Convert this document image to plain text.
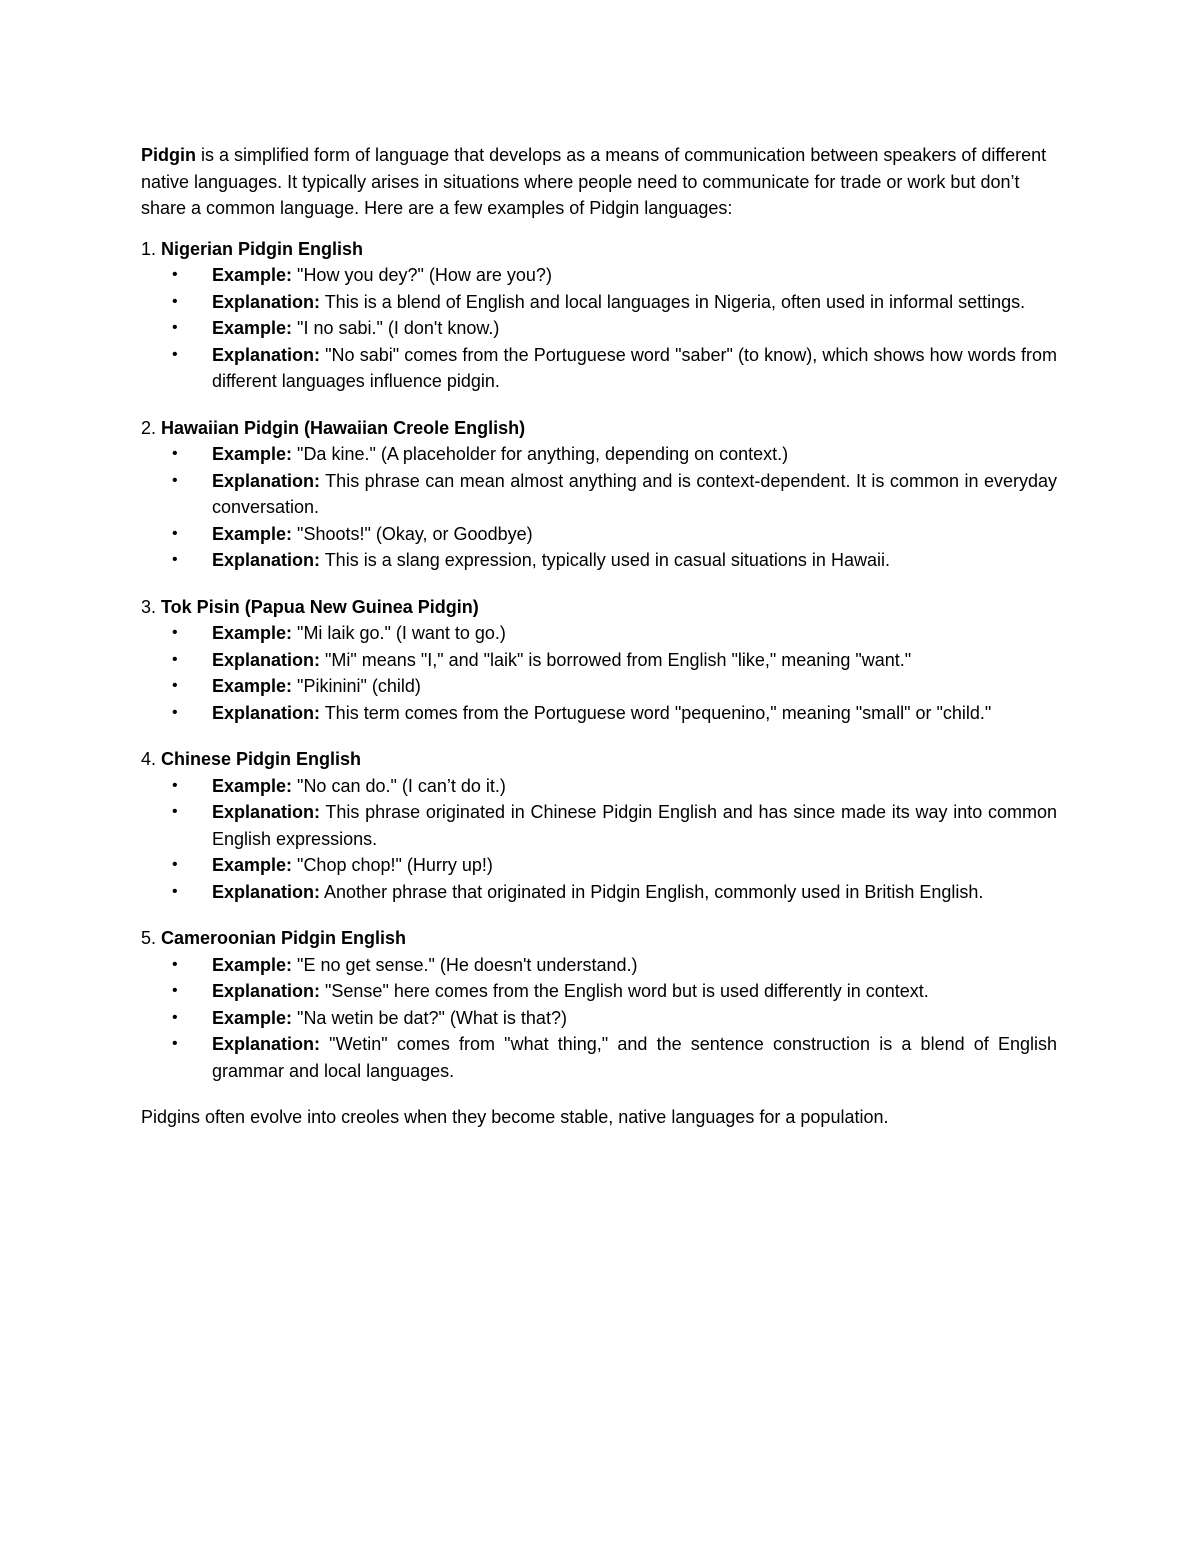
Pidgin is a simplified form of language that develops as a means of communication between speakers of different native languages. It typically arises in situations where people need to communicate for trade or work but don’t share a common language. Here are a few examples of Pidgin languages:

1. Nigerian Pidgin English

• Example: "How you dey?" (How are you?)
• Explanation: This is a blend of English and local languages in Nigeria, often used in informal settings.
• Example: "I no sabi." (I don't know.)
• Explanation: "No sabi" comes from the Portuguese word "saber" (to know), which shows how words from different languages influence pidgin.

2. Hawaiian Pidgin (Hawaiian Creole English)

• Example: "Da kine." (A placeholder for anything, depending on context.)
• Explanation: This phrase can mean almost anything and is context-dependent. It is common in everyday conversation.
• Example: "Shoots!" (Okay, or Goodbye)
• Explanation: This is a slang expression, typically used in casual situations in Hawaii.

3. Tok Pisin (Papua New Guinea Pidgin)

• Example: "Mi laik go." (I want to go.)
• Explanation: "Mi" means "I," and "laik" is borrowed from English "like," meaning "want."
• Example: "Pikinini" (child)
• Explanation: This term comes from the Portuguese word "pequenino," meaning "small" or "child."

4. Chinese Pidgin English

• Example: "No can do." (I can’t do it.)
• Explanation: This phrase originated in Chinese Pidgin English and has since made its way into common English expressions.
• Example: "Chop chop!" (Hurry up!)
• Explanation: Another phrase that originated in Pidgin English, commonly used in British English.

5. Cameroonian Pidgin English

• Example: "E no get sense." (He doesn't understand.)
• Explanation: "Sense" here comes from the English word but is used differently in context.
• Example: "Na wetin be dat?" (What is that?)
• Explanation: "Wetin" comes from "what thing," and the sentence construction is a blend of English grammar and local languages.

Pidgins often evolve into creoles when they become stable, native languages for a population.
